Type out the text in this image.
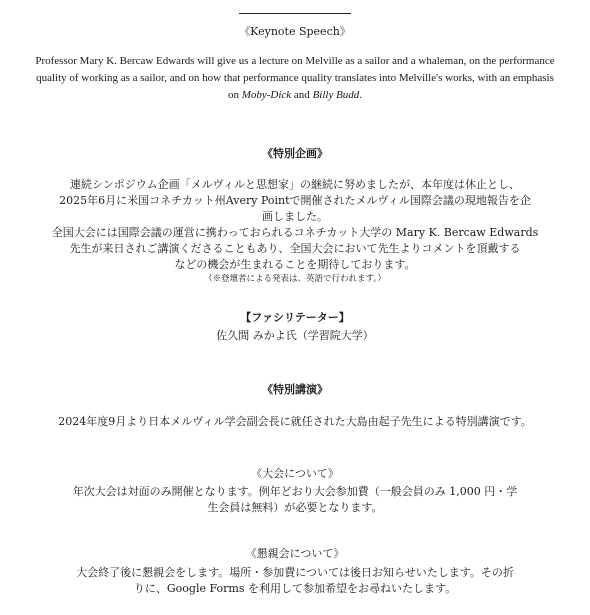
《Keynote Speech》

Professor Mary K. Bercaw Edwards will give us a lecture on Melville as a sailor and a whaleman, on the performance quality of working as a sailor, and on how that performance quality translates into Melville's works, with an emphasis on Moby-Dick and Billy Budd.

《特別企画》

連続シンポジウム企画「メルヴィルと思想家」の継続に努めましたが、本年度は休止とし、
2025年6月に米国コネチカット州Avery Pointで開催されたメルヴィル国際会議の現地報告を企
画しました。
全国大会には国際会議の運営に携わっておられるコネチカット大学の Mary K. Bercaw Edwards
先生が来日されご講演くださることもあり、全国大会において先生よりコメントを頂戴する
などの機会が生まれることを期待しております。
（※登壇者による発表は、英語で行われます。）

【ファシリテーター】

佐久間 みかよ氏（学習院大学）

《特別講演》

2024年度9月より日本メルヴィル学会副会長に就任された大島由起子先生による特別講演です。

《大会について》

年次大会は対面のみ開催となります。例年どおり大会参加費（一般会員のみ 1,000 円・学
生会員は無料）が必要となります。

《懇親会について》

大会終了後に懇親会をします。場所・参加費については後日お知らせいたします。その折
りに、Google Forms を利用して参加希望をお尋ねいたします。
